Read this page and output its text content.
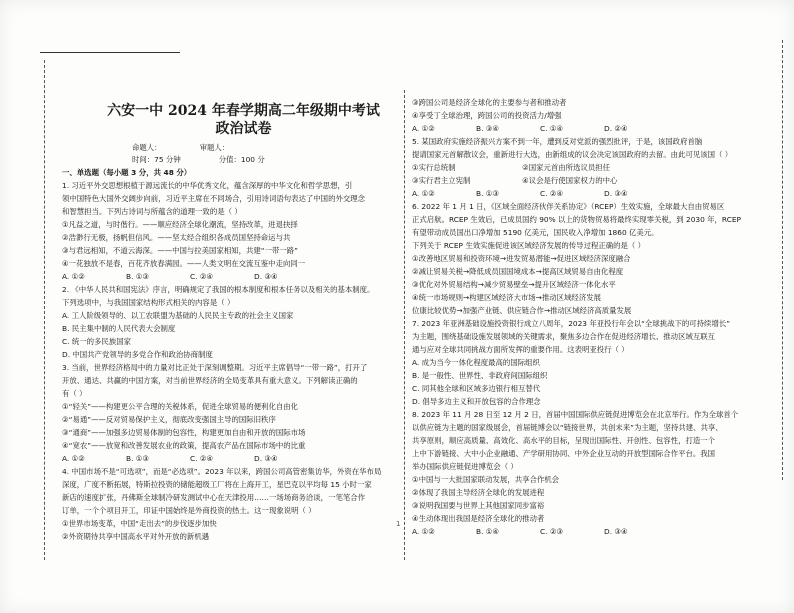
1
六安一中 2024 年春学期高二年级期中考试
政治试卷
命题人：	审题人：
时间：75 分钟	分值：100 分
一、单选题（每小题 3 分，共 48 分）
1. 习近平外交思想根植于源远流长的中华优秀文化，蕴含深厚的中华文化和哲学思想，引
领中国特色大国外交阔步向前，习近平主席在不同场合，引用诗词语句表达了中国的外交理念
和智慧担当。下列古诗词与所蕴含的道理一致的是（ ）
①凡益之道，与时偕行。——顺应经济全球化潮流，坚持改革，进退抉择
②浩渺行无极，扬帆但信风。——坚太经合组织各成员国坚持命运与共
③与君远相知，不道云海深。——中国与拉美国家相知，共建“一带一路”
④一花独放不是春，百花齐放春满园。——人类文明在交流互鉴中走向同一
A. ①②	B. ①③	C. ②④	D. ③④
2. 《中华人民共和国宪法》序言，明确规定了我国的根本制度和根本任务以及相关的基本制度。
下列选项中，与我国国家结构形式相关的内容是（ ）
A. 工人阶级领导的、以工农联盟为基础的人民民主专政的社会主义国家
B. 民主集中制的人民代表大会制度
C. 统一的多民族国家
D. 中国共产党领导的多党合作和政治协商制度
3. 当前，世界经济格局中的力量对比正处于深刻调整期。习近平主席倡导“一带一路”，打开了
开放、通达、共赢的中国方案，对当前世界经济的全局变革具有重大意义。下列解读正确的
有（ ）
①“轻关”——构建更公平合理的关税体系，促进全球贸易的便利化自由化
②“易通”——反对贸易保护主义，彻底改变强国主导的国际旧秩序
③“通商”——加强多边贸易体制的包容性，构建更加自由和开放的国际市场
④“宽农”——放宽和改善发展农业的政策，提高农产品在国际市场中的比重
A. ①②	B. ①③	C. ②④	D. ③④
4. 中国市场不是“可选项”，而是“必选项”。2023 年以来，跨国公司高管密集访华，外资在华布局
深度，广度不断拓展，特斯拉投资的储能超级工厂将在上海开工，星巴克以平均每 15 小时一家
新店的速度扩张，丹佛斯全球制冷研发测试中心在天津投用……一场场商务洽谈，一笔笔合作
订单，一个个项目开工，印证中国始终是外商投资的热土。这一现象说明（ ）
①世界市场变革，中国“走出去”的步伐逐步加快
②外资期待共享中国高水平对外开放的新机遇
③跨国公司是经济全球化的主要参与者和推动者
④享受丁全球治理，跨国公司的投资活力/增强
A. ①②	B. ③④	C. ①④	D. ②④
5. 某国政府实施经济振兴方案不到一年，遭到反对党派的强烈批评，于是，该国政府首脑
提请国家元首解散议会，重新进行大选，由新组成的议会决定该国政府的去留。由此可见该国（ ）
①实行总统制　　　　　　　　　②国家元首由所选议员担任
③实行君主立宪制　　　　　　　④议会是行使国家权力的中心
A. ①②	B. ①③	C. ②④	D. ③④
6. 2022 年 1 月 1 日，《区域全面经济伙伴关系协定》（RCEP）生效实施，全球最大自由贸易区
正式启航。RCEP 生效后，已成员国约 90% 以上的货物贸易将最终实现零关税，到 2030 年，RCEP
有望带动成员国出口净增加 5190 亿美元，国民收入净增加 1860 亿美元。
下列关于 RCEP 生效实施促进该区域经济发展的传导过程正确的是（ ）
①改善地区贸易和投资环境→进发贸易潜能→促进区域经济深度融合
②减让贸易关税→降低成员国国境成本→提高区域贸易自由化程度
③优化对外贸易结构→减少贸易壁垒→提升区域经济一体化水平
④统一市场规则→构建区域经济大市场→推动区域经济发展
位康比较优势→加强产业链、供应链合作→推动区域经济高质量发展
7. 2023 年亚洲基础设施投资银行成立八周年，2023 年亚投行年会以“全球挑战下的可持续增长”
为主题，围绕基础设施发展领域的关键需求，聚焦多边合作在促进经济增长、推动区域互联互
通与应对全球共同挑战方面所发挥的重要作用。这表明亚投行（ ）
A. 成为当今一体化程度最高的国际组织
B. 是一般性、世界性、非政府间国际组织
C. 同其他全球和区域多边银行相互替代
D. 倡导多边主义和开放包容的合作理念
8. 2023 年 11 月 28 日至 12 月 2 日，首届中国国际供应链促进博览会在北京举行。作为全球首个
以供应链为主题的国家级展会，首届链博会以“链接世界，共创未来”为主题，坚持共建、共享、
共享原则，顺应高质量、高效化、高水平的目标，呈现出国际性、开创性、包容性，打造一个
上中下游链接、大中小企业融通、产学研用协同、中外企业互动的开放型国际合作平台。我国
举办国际供应链促进博览会（ ）
①中国与一大批国家联动发展，共享合作机会
②体现了我国主导经济全球化的发展进程
③说明我国要与世界上其他国家同步富裕
④生动体现出我国是经济全球化的推动者
A. ①②	B. ①④	C. ②③	D. ③④
